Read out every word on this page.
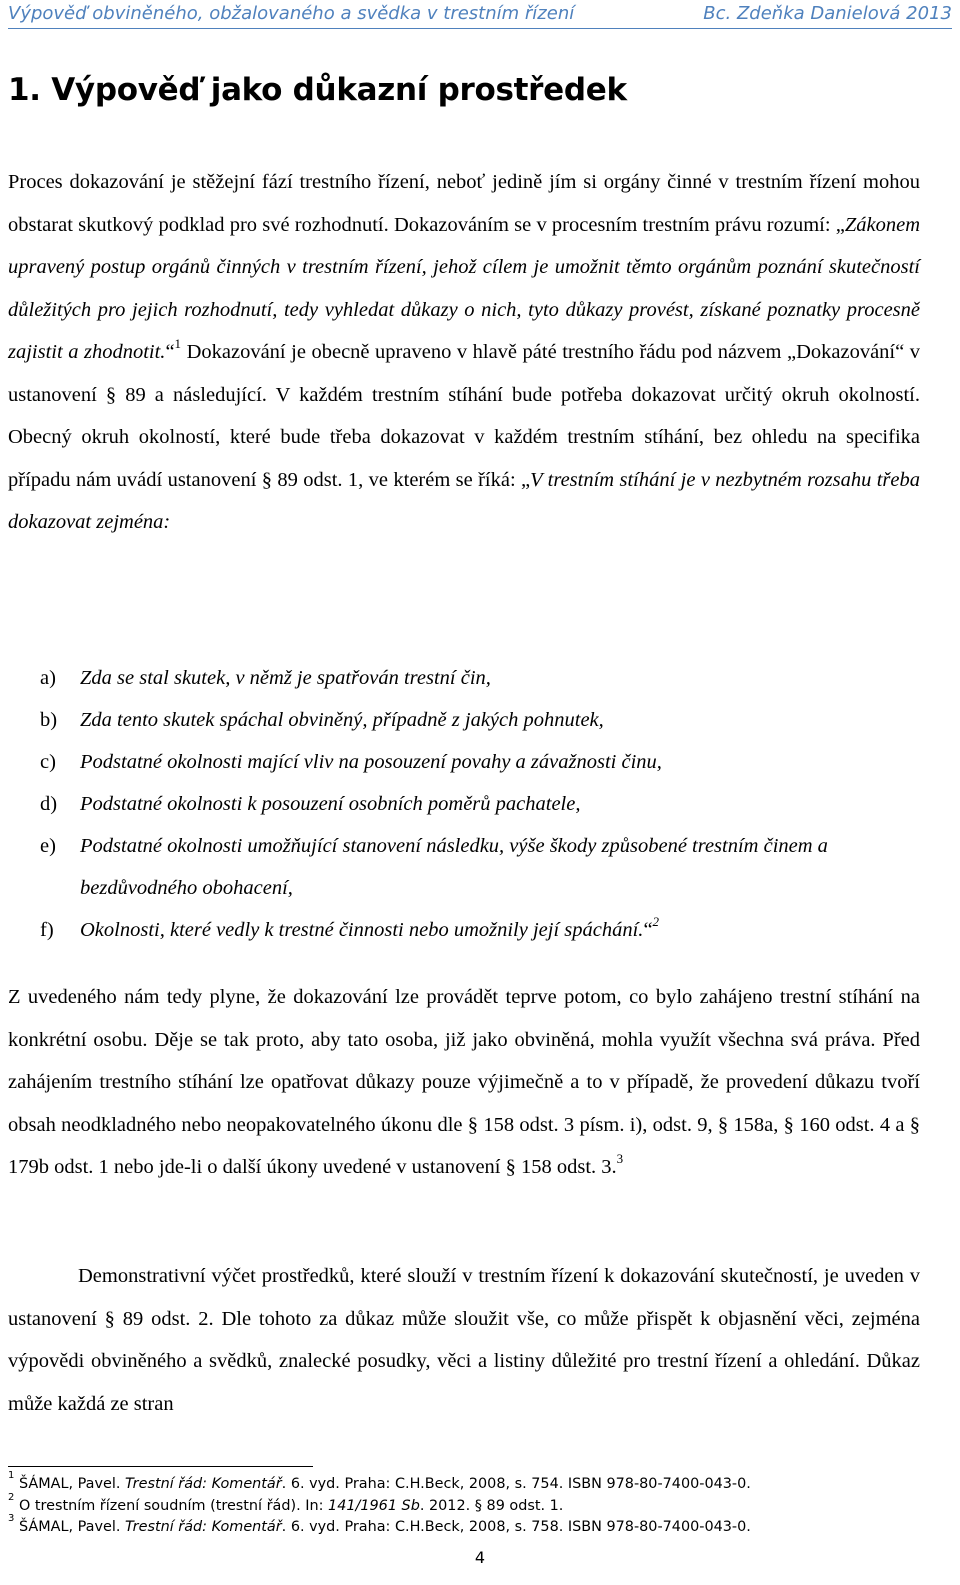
Výpověď obviněného, obžalovaného a svědka v trestním řízení	Bc. Zdeňka Danielová 2013
1. Výpověď jako důkazní prostředek
Proces dokazování je stěžejní fází trestního řízení, neboť jedině jím si orgány činné v trestním řízení mohou obstarat skutkový podklad pro své rozhodnutí. Dokazováním se v procesním trestním právu rozumí: „Zákonem upravený postup orgánů činných v trestním řízení, jehož cílem je umožnit těmto orgánům poznání skutečností důležitých pro jejich rozhodnutí, tedy vyhledat důkazy o nich, tyto důkazy provést, získané poznatky procesně zajistit a zhodnotit.“$^1$ Dokazování je obecně upraveno v hlavě páté trestního řádu pod názvem „Dokazování“ v ustanovení § 89 a následující. V každém trestním stíhání bude potřeba dokazovat určitý okruh okolností. Obecný okruh okolností, které bude třeba dokazovat v každém trestním stíhání, bez ohledu na specifika případu nám uvádí ustanovení § 89 odst. 1, ve kterém se říká: „V trestním stíhání je v nezbytném rozsahu třeba dokazovat zejména:
a)	Zda se stal skutek, v němž je spatřován trestní čin,
b)	Zda tento skutek spáchal obviněný, případně z jakých pohnutek,
c)	Podstatné okolnosti mající vliv na posouzení povahy a závažnosti činu,
d)	Podstatné okolnosti k posouzení osobních poměrů pachatele,
e)	Podstatné okolnosti umožňující stanovení následku, výše škody způsobené trestním činem a bezdůvodného obohacení,
f)	Okolnosti, které vedly k trestné činnosti nebo umožnily její spáchání.“$^2$
Z uvedeného nám tedy plyne, že dokazování lze provádět teprve potom, co bylo zahájeno trestní stíhání na konkrétní osobu. Děje se tak proto, aby tato osoba, již jako obviněná, mohla využít všechna svá práva. Před zahájením trestního stíhání lze opatřovat důkazy pouze výjimečně a to v případě, že provedení důkazu tvoří obsah neodkladného nebo neopakovatelného úkonu dle § 158 odst. 3 písm. i), odst. 9, § 158a, § 160 odst. 4 a § 179b odst. 1 nebo jde-li o další úkony uvedené v ustanovení § 158 odst. 3.$^3$
Demonstrativní výčet prostředků, které slouží v trestním řízení k dokazování skutečností, je uveden v ustanovení § 89 odst. 2. Dle tohoto za důkaz může sloužit vše, co může přispět k objasnění věci, zejména výpovědi obviněného a svědků, znalecké posudky, věci a listiny důležité pro trestní řízení a ohledání. Důkaz může každá ze stran
$^1$ ŠÁMAL, Pavel. Trestní řád: Komentář. 6. vyd. Praha: C.H.Beck, 2008, s. 754. ISBN 978-80-7400-043-0.
$^2$ O trestním řízení soudním (trestní řád). In: 141/1961 Sb. 2012. § 89 odst. 1.
$^3$ ŠÁMAL, Pavel. Trestní řád: Komentář. 6. vyd. Praha: C.H.Beck, 2008, s. 758. ISBN 978-80-7400-043-0.
4
